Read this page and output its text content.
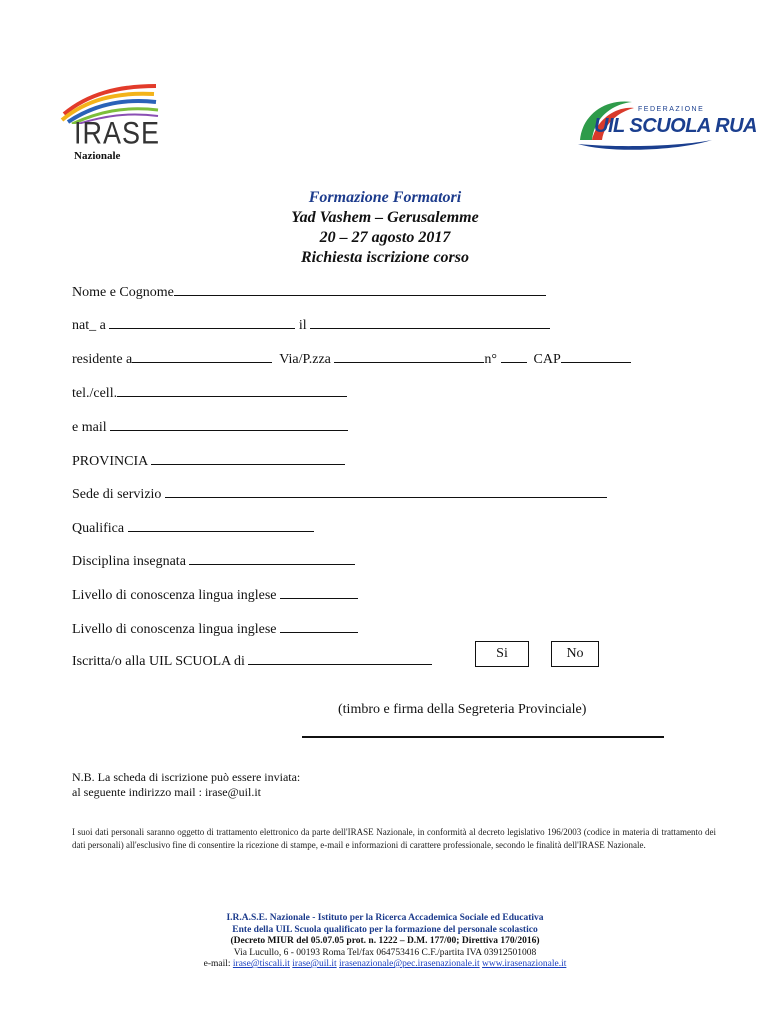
IRASE
Nazionale
FEDERAZIONE
UIL SCUOLA RUA
Formazione Formatori
Yad Vashem – Gerusalemme
20 – 27 agosto 2017
Richiesta iscrizione corso
Nome e Cognome
nat_ a	il
residente a	Via/P.zza	n°	CAP
tel./cell.
e mail
PROVINCIA
Sede di servizio
Qualifica
Disciplina insegnata
Livello di conoscenza lingua inglese
Livello di conoscenza lingua inglese
Iscritta/o alla UIL SCUOLA di
Si	No
(timbro e firma della Segreteria Provinciale)
N.B. La scheda di iscrizione può essere inviata:
al seguente indirizzo mail : irase@uil.it
I suoi dati personali saranno oggetto di trattamento elettronico da parte dell'IRASE Nazionale, in conformità al decreto legislativo 196/2003 (codice in materia di trattamento dei dati personali) all'esclusivo fine di consentire la ricezione di stampe, e-mail e informazioni di carattere professionale, secondo le finalità dell'IRASE Nazionale.
I.R.A.S.E. Nazionale - Istituto per la Ricerca Accademica Sociale ed Educativa
Ente della UIL Scuola qualificato per la formazione del personale scolastico
(Decreto MIUR del 05.07.05 prot. n. 1222 – D.M. 177/00; Direttiva 170/2016)
Via Lucullo, 6 - 00193 Roma Tel/fax 064753416 C.F./partita IVA 03912501008
e-mail: irase@tiscali.it irase@uil.it irasenazionale@pec.irasenazionale.it www.irasenazionale.it
